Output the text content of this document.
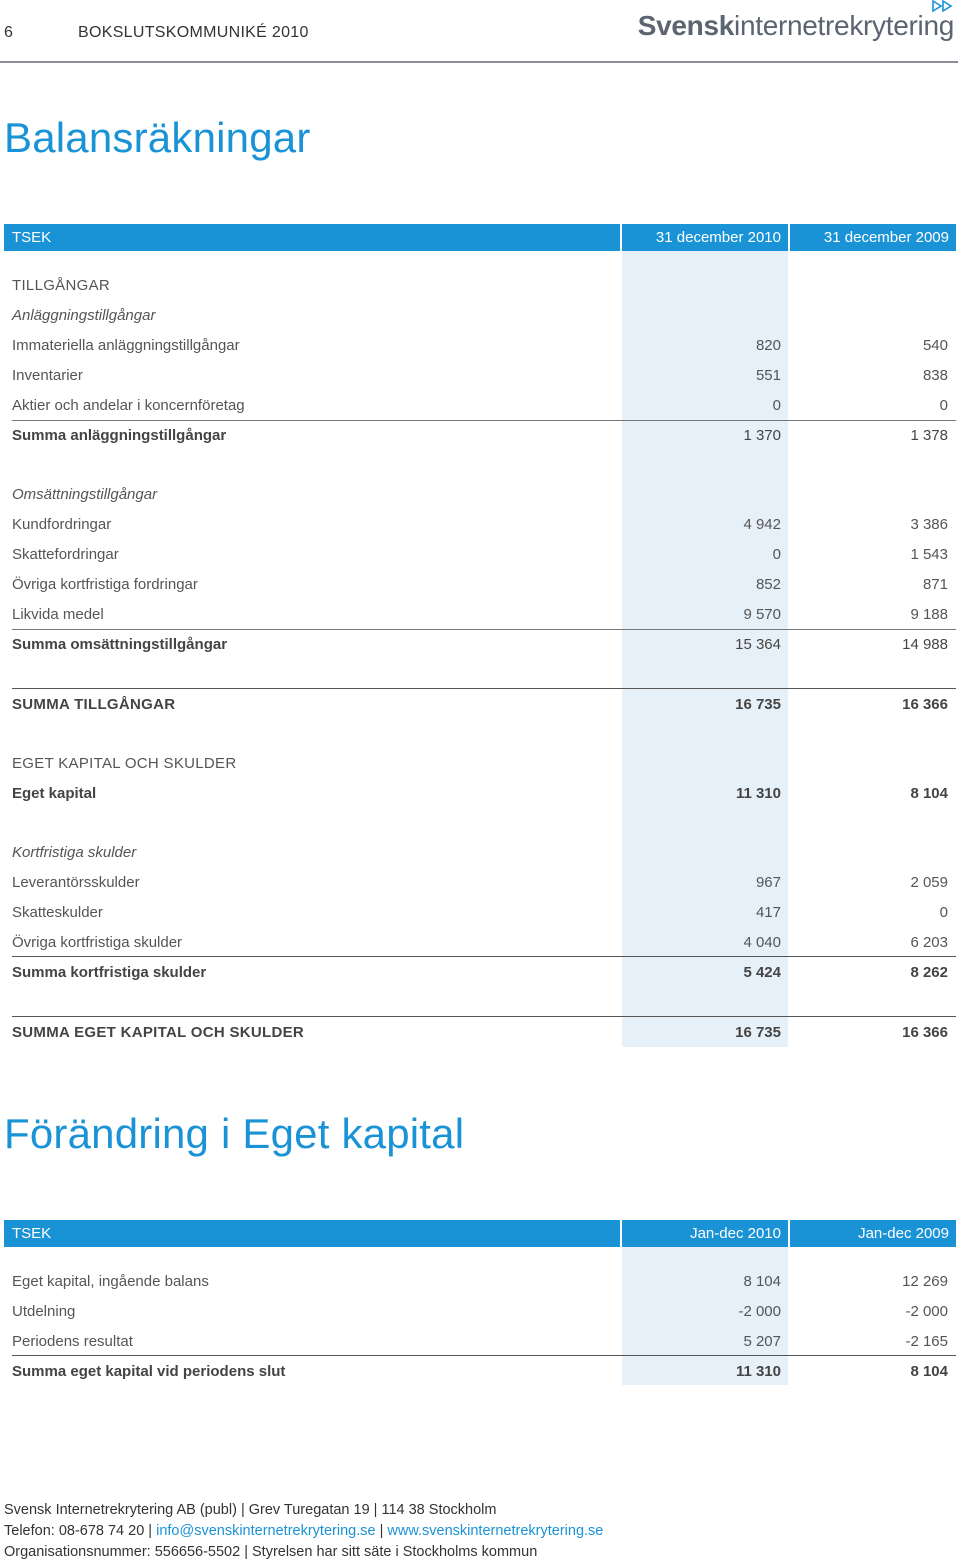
6	BOKSLUTSKOMMUNIKÉ 2010	Svenskinternetrekrytering
Balansräkningar
TSEK	31 december 2010	31 december 2009
TILLGÅNGAR
Anläggningstillgångar
Immateriella anläggningstillgångar	820	540
Inventarier	551	838
Aktier och andelar i koncernföretag	0	0
Summa anläggningstillgångar	1 370	1 378
Omsättningstillgångar
Kundfordringar	4 942	3 386
Skattefordringar	0	1 543
Övriga kortfristiga fordringar	852	871
Likvida medel	9 570	9 188
Summa omsättningstillgångar	15 364	14 988
SUMMA TILLGÅNGAR	16 735	16 366
EGET KAPITAL OCH SKULDER
Eget kapital	11 310	8 104
Kortfristiga skulder
Leverantörsskulder	967	2 059
Skatteskulder	417	0
Övriga kortfristiga skulder	4 040	6 203
Summa kortfristiga skulder	5 424	8 262
SUMMA EGET KAPITAL OCH SKULDER	16 735	16 366
Förändring i Eget kapital
TSEK	Jan-dec 2010	Jan-dec 2009
Eget kapital, ingående balans	8 104	12 269
Utdelning	-2 000	-2 000
Periodens resultat	5 207	-2 165
Summa eget kapital vid periodens slut	11 310	8 104
Svensk Internetrekrytering AB (publ) | Grev Turegatan 19 | 114 38 Stockholm
Telefon: 08-678 74 20 | info@svenskinternetrekrytering.se | www.svenskinternetrekrytering.se
Organisationsnummer: 556656-5502 | Styrelsen har sitt säte i Stockholms kommun
